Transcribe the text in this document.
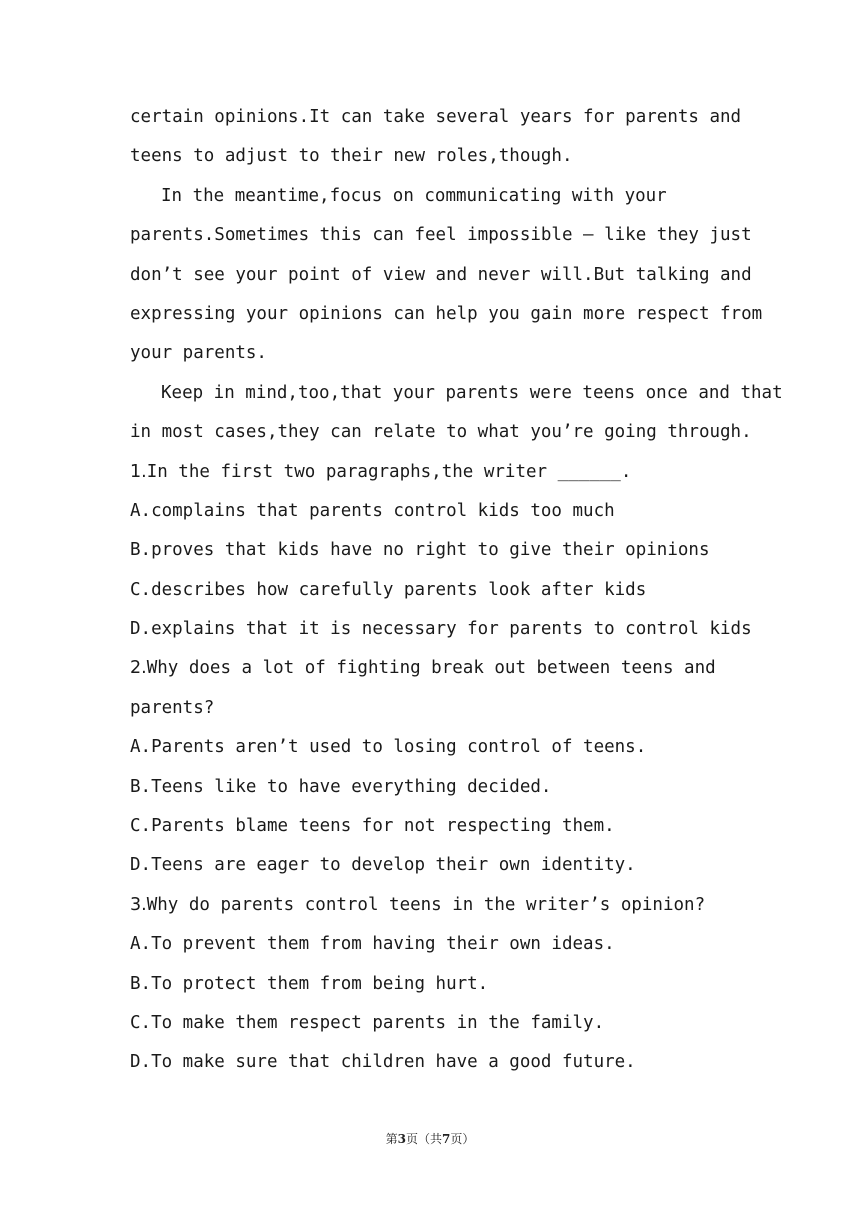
certain opinions.It can take several years for parents and
teens to adjust to their new roles,though.
In the meantime,focus on communicating with your
parents.Sometimes this can feel impossible — like they just
don’t see your point of view and never will.But talking and
expressing your opinions can help you gain more respect from
your parents.
Keep in mind,too,that your parents were teens once and that
in most cases,they can relate to what you’re going through.
1.In the first two paragraphs,the writer ______.
A.complains that parents control kids too much
B.proves that kids have no right to give their opinions
C.describes how carefully parents look after kids
D.explains that it is necessary for parents to control kids
2.Why does a lot of fighting break out between teens and
parents?
A.Parents aren’t used to losing control of teens.
B.Teens like to have everything decided.
C.Parents blame teens for not respecting them.
D.Teens are eager to develop their own identity.
3.Why do parents control teens in the writer’s opinion?
A.To prevent them from having their own ideas.
B.To protect them from being hurt.
C.To make them respect parents in the family.
D.To make sure that children have a good future.
第3页（共7页）
